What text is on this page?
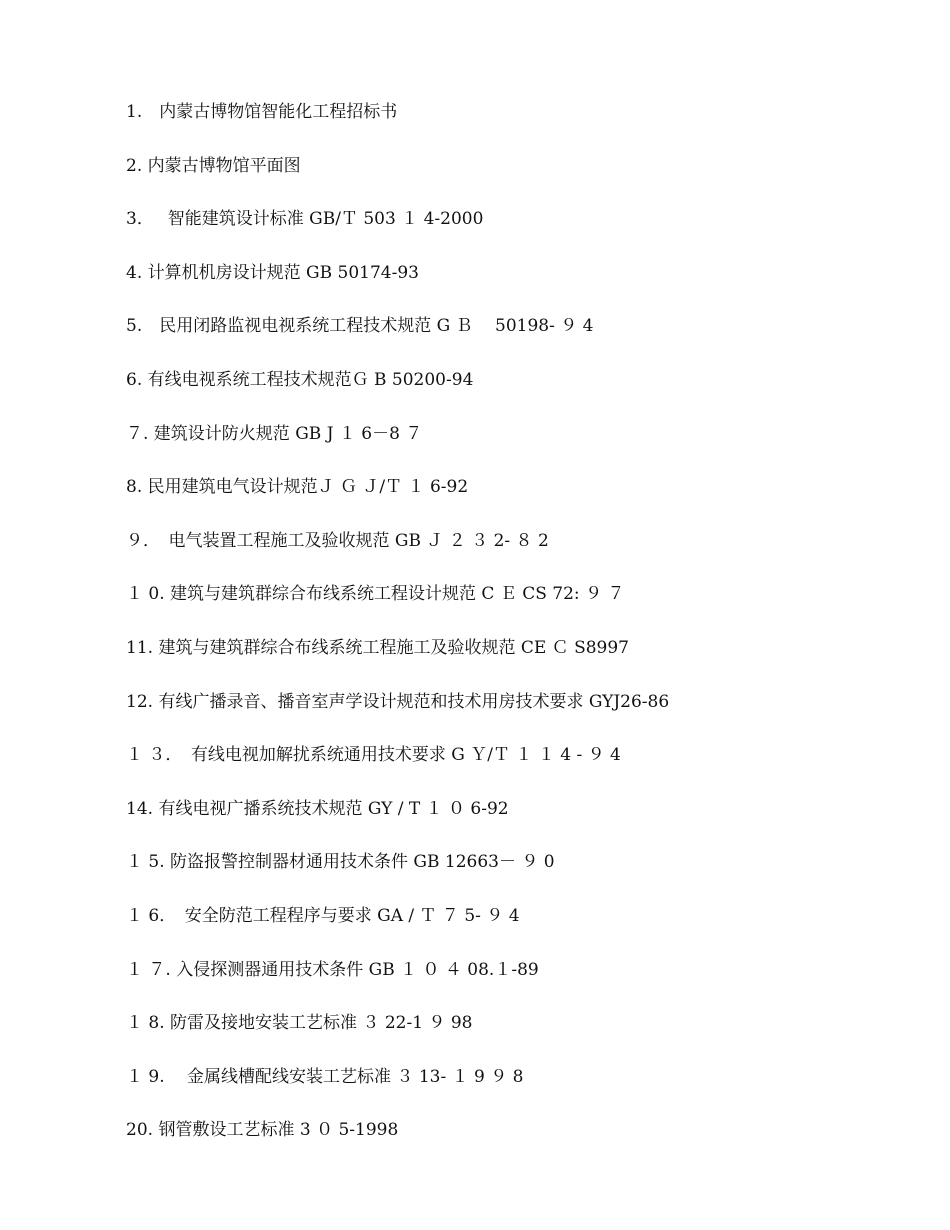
1.　内蒙古博物馆智能化工程招标书
2. 内蒙古博物馆平面图
3．　 智能建筑设计标准 GB/Ｔ 503 １ 4-2000
4. 计算机机房设计规范 GB 50174-93
5.　民用闭路监视电视系统工程技术规范 G Ｂ　 50198- ９ 4
6. 有线电视系统工程技术规范Ｇ B 50200-94
７. 建筑设计防火规范 GB J １ 6－8 ７
8. 民用建筑电气设计规范Ｊ Ｇ Ｊ/Ｔ １ 6-92
９．　电气装置工程施工及验收规范 GB Ｊ ２ ３ 2- ８ 2
１ 0. 建筑与建筑群综合布线系统工程设计规范 C Ｅ CS 72: ９ ７
11. 建筑与建筑群综合布线系统工程施工及验收规范 CE Ｃ S8997
12. 有线广播录音、播音室声学设计规范和技术用房技术要求 GYJ26-86
１ ３．　有线电视加解扰系统通用技术要求 G Ｙ/Ｔ １ １ 4 - ９ 4
14. 有线电视广播系统技术规范 GY / T １ ０ 6-92
１ 5. 防盗报警控制器材通用技术条件 GB 12663－ ９ 0
１ 6．　安全防范工程程序与要求 GA / Ｔ ７ 5- ９ 4
１ ７. 入侵探测器通用技术条件 GB １ ０ ４ 08.１-89
１ 8. 防雷及接地安装工艺标准 ３ 22-1 ９ 98
１ 9.　 金属线槽配线安装工艺标准 ３ 13- １ 9 ９ 8
20. 钢管敷设工艺标准 3 ０ 5-1998
